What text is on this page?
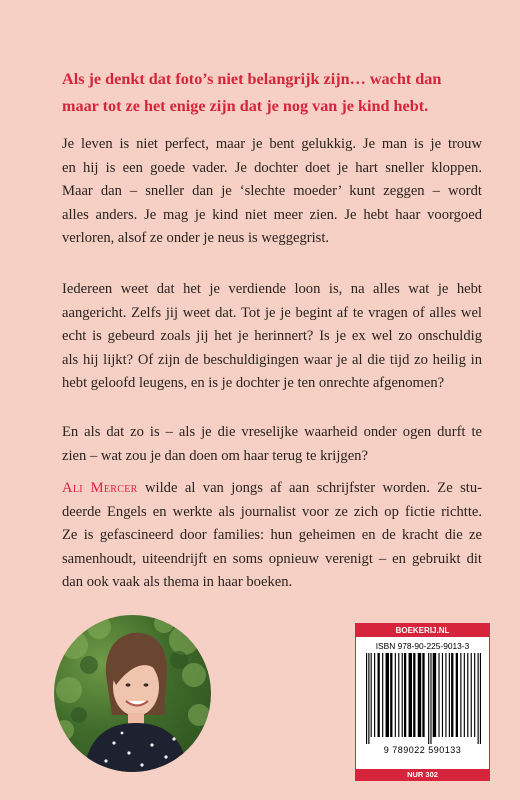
Als je denkt dat foto’s niet belangrijk zijn… wacht dan
maar tot ze het enige zijn dat je nog van je kind hebt.
Je leven is niet perfect, maar je bent gelukkig. Je man is je trouw
en hij is een goede vader. Je dochter doet je hart sneller kloppen.
Maar dan – sneller dan je ‘slechte moeder’ kunt zeggen – wordt
alles anders. Je mag je kind niet meer zien. Je hebt haar voorgoed
verloren, alsof ze onder je neus is weggegrist.
Iedereen weet dat het je verdiende loon is, na alles wat je hebt
aangericht. Zelfs jij weet dat. Tot je je begint af te vragen of alles wel
echt is gebeurd zoals jij het je herinnert? Is je ex wel zo onschuldig
als hij lijkt? Of zijn de beschuldigingen waar je al die tijd zo heilig in
hebt geloofd leugens, en is je dochter je ten onrechte afgenomen?
En als dat zo is – als je die vreselijke waarheid onder ogen durft te
zien – wat zou je dan doen om haar terug te krijgen?
Ali Mercer wilde al van jongs af aan schrijfster worden. Ze stu-
deerde Engels en werkte als journalist voor ze zich op fictie richtte.
Ze is gefascineerd door families: hun geheimen en de kracht die ze
samenhoudt, uiteendrijft en soms opnieuw verenigt – en gebruikt dit
dan ook vaak als thema in haar boeken.
BOEKERIJ.NL
ISBN 978-90-225-9013-3
9 789022 590133
NUR 302
